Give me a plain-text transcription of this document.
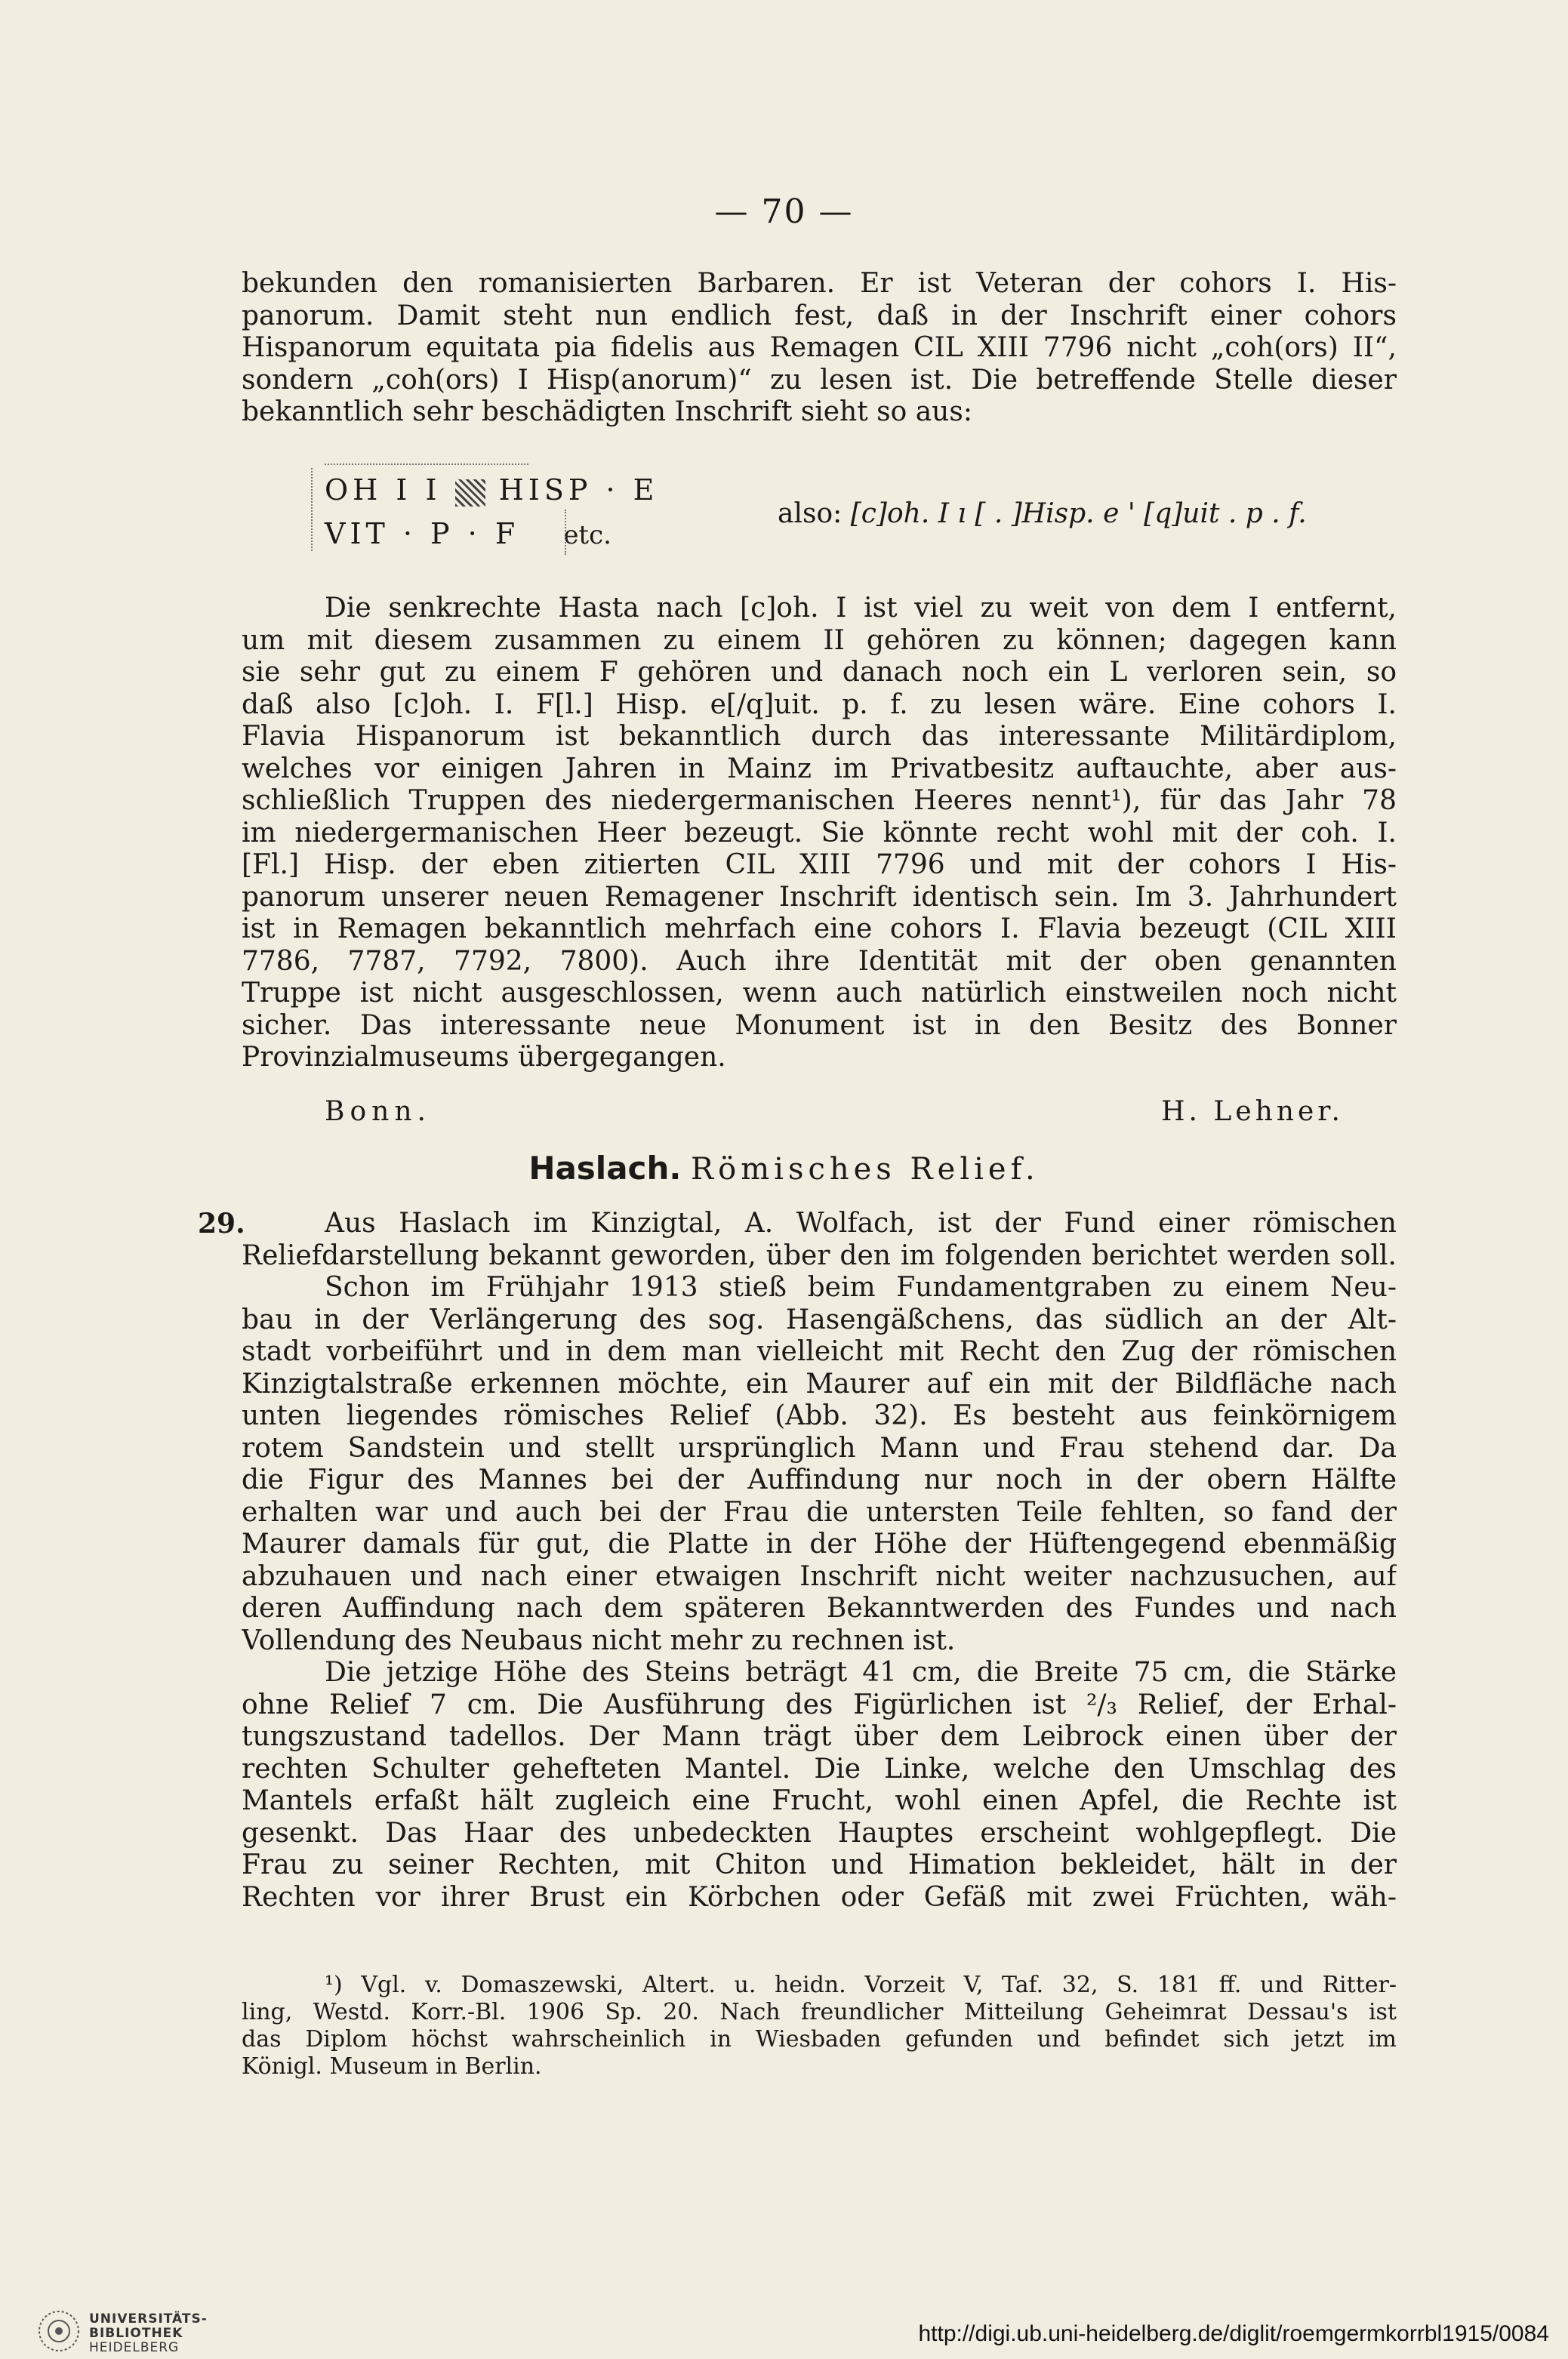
— 70 —
bekunden den romanisierten Barbaren. Er ist Veteran der cohors I. His-
panorum. Damit steht nun endlich fest, daß in der Inschrift einer cohors
Hispanorum equitata pia fidelis aus Remagen CIL XIII 7796 nicht „coh(ors) II“,
sondern „coh(ors) I Hisp(anorum)“ zu lesen ist. Die betreffende Stelle dieser
bekanntlich sehr beschädigten Inschrift sieht so aus:
OH I I HISP · E
VIT · P · F etc.
also: [c]oh. I ı [ . ]Hisp. e ' [q]uit . p . f.
Die senkrechte Hasta nach [c]oh. I ist viel zu weit von dem I entfernt,
um mit diesem zusammen zu einem II gehören zu können; dagegen kann
sie sehr gut zu einem F gehören und danach noch ein L verloren sein, so
daß also [c]oh. I. F[l.] Hisp. e[/q]uit. p. f. zu lesen wäre. Eine cohors I.
Flavia Hispanorum ist bekanntlich durch das interessante Militärdiplom,
welches vor einigen Jahren in Mainz im Privatbesitz auftauchte, aber aus-
schließlich Truppen des niedergermanischen Heeres nennt¹), für das Jahr 78
im niedergermanischen Heer bezeugt. Sie könnte recht wohl mit der coh. I.
[Fl.] Hisp. der eben zitierten CIL XIII 7796 und mit der cohors I His-
panorum unserer neuen Remagener Inschrift identisch sein. Im 3. Jahrhundert
ist in Remagen bekanntlich mehrfach eine cohors I. Flavia bezeugt (CIL XIII
7786, 7787, 7792, 7800). Auch ihre Identität mit der oben genannten
Truppe ist nicht ausgeschlossen, wenn auch natürlich einstweilen noch nicht
sicher. Das interessante neue Monument ist in den Besitz des Bonner
Provinzialmuseums übergegangen.
Bonn.	H. Lehner.
Haslach. Römisches Relief.
29.	Aus Haslach im Kinzigtal, A. Wolfach, ist der Fund einer römischen
Reliefdarstellung bekannt geworden, über den im folgenden berichtet werden soll.
Schon im Frühjahr 1913 stieß beim Fundamentgraben zu einem Neu-
bau in der Verlängerung des sog. Hasengäßchens, das südlich an der Alt-
stadt vorbeiführt und in dem man vielleicht mit Recht den Zug der römischen
Kinzigtalstraße erkennen möchte, ein Maurer auf ein mit der Bildfläche nach
unten liegendes römisches Relief (Abb. 32). Es besteht aus feinkörnigem
rotem Sandstein und stellt ursprünglich Mann und Frau stehend dar. Da
die Figur des Mannes bei der Auffindung nur noch in der obern Hälfte
erhalten war und auch bei der Frau die untersten Teile fehlten, so fand der
Maurer damals für gut, die Platte in der Höhe der Hüftengegend ebenmäßig
abzuhauen und nach einer etwaigen Inschrift nicht weiter nachzusuchen, auf
deren Auffindung nach dem späteren Bekanntwerden des Fundes und nach
Vollendung des Neubaus nicht mehr zu rechnen ist.
Die jetzige Höhe des Steins beträgt 41 cm, die Breite 75 cm, die Stärke
ohne Relief 7 cm. Die Ausführung des Figürlichen ist ²/₃ Relief, der Erhal-
tungszustand tadellos. Der Mann trägt über dem Leibrock einen über der
rechten Schulter gehefteten Mantel. Die Linke, welche den Umschlag des
Mantels erfaßt hält zugleich eine Frucht, wohl einen Apfel, die Rechte ist
gesenkt. Das Haar des unbedeckten Hauptes erscheint wohlgepflegt. Die
Frau zu seiner Rechten, mit Chiton und Himation bekleidet, hält in der
Rechten vor ihrer Brust ein Körbchen oder Gefäß mit zwei Früchten, wäh-
¹) Vgl. v. Domaszewski, Altert. u. heidn. Vorzeit V, Taf. 32, S. 181 ff. und Ritter-
ling, Westd. Korr.-Bl. 1906 Sp. 20. Nach freundlicher Mitteilung Geheimrat Dessau's ist
das Diplom höchst wahrscheinlich in Wiesbaden gefunden und befindet sich jetzt im
Königl. Museum in Berlin.
UNIVERSITÄTS-
BIBLIOTHEK
HEIDELBERG
http://digi.ub.uni-heidelberg.de/diglit/roemgermkorrbl1915/0084
